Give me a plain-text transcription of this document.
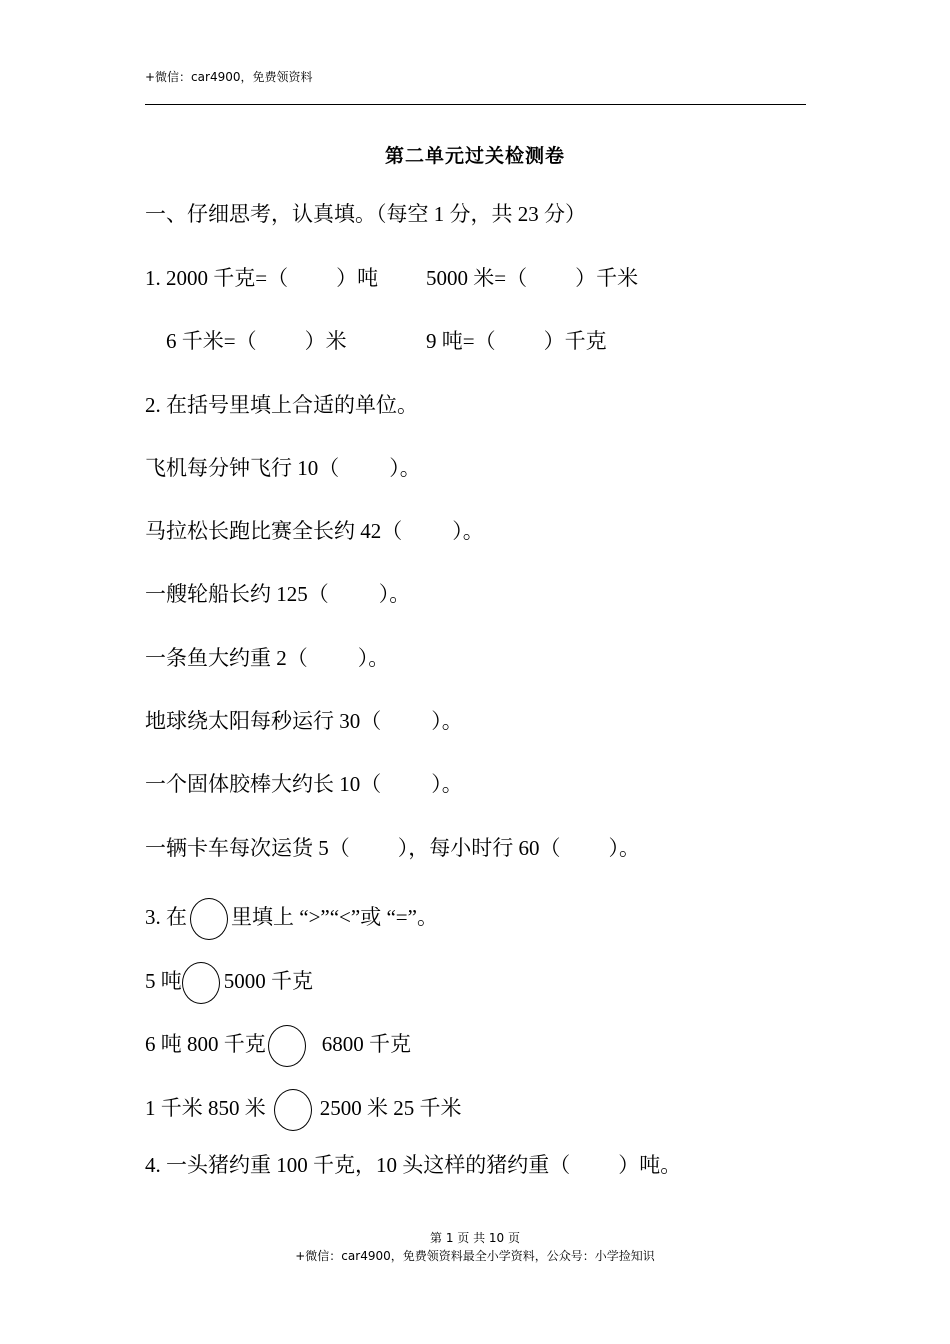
+微信：car4900，免费领资料
第二单元过关检测卷
一、仔细思考，认真填。（每空 1 分，共 23 分）
1. 2000 千克=（ ）吨 5000 米=（ ）千米
6 千米=（ ）米	9 吨=（ ）千克
2. 在括号里填上合适的单位。
飞机每分钟飞行 10（ ）。
马拉松长跑比赛全长约 42（ ）。
一艘轮船长约 125（ ）。
一条鱼大约重 2（ ）。
地球绕太阳每秒运行 30（ ）。
一个固体胶棒大约长 10（ ）。
一辆卡车每次运货 5（ ），每小时行 60（ ）。
3. 在 里填上 “>”“<”或 “=”。
5 吨 5000 千克
6 吨 800 千克	6800 千克
1 千米 850 米	2500 米 25 千米
4. 一头猪约重 100 千克，10 头这样的猪约重（ ）吨。
第 1 页 共 10 页
+微信：car4900，免费领资料最全小学资料，公众号：小学捡知识
